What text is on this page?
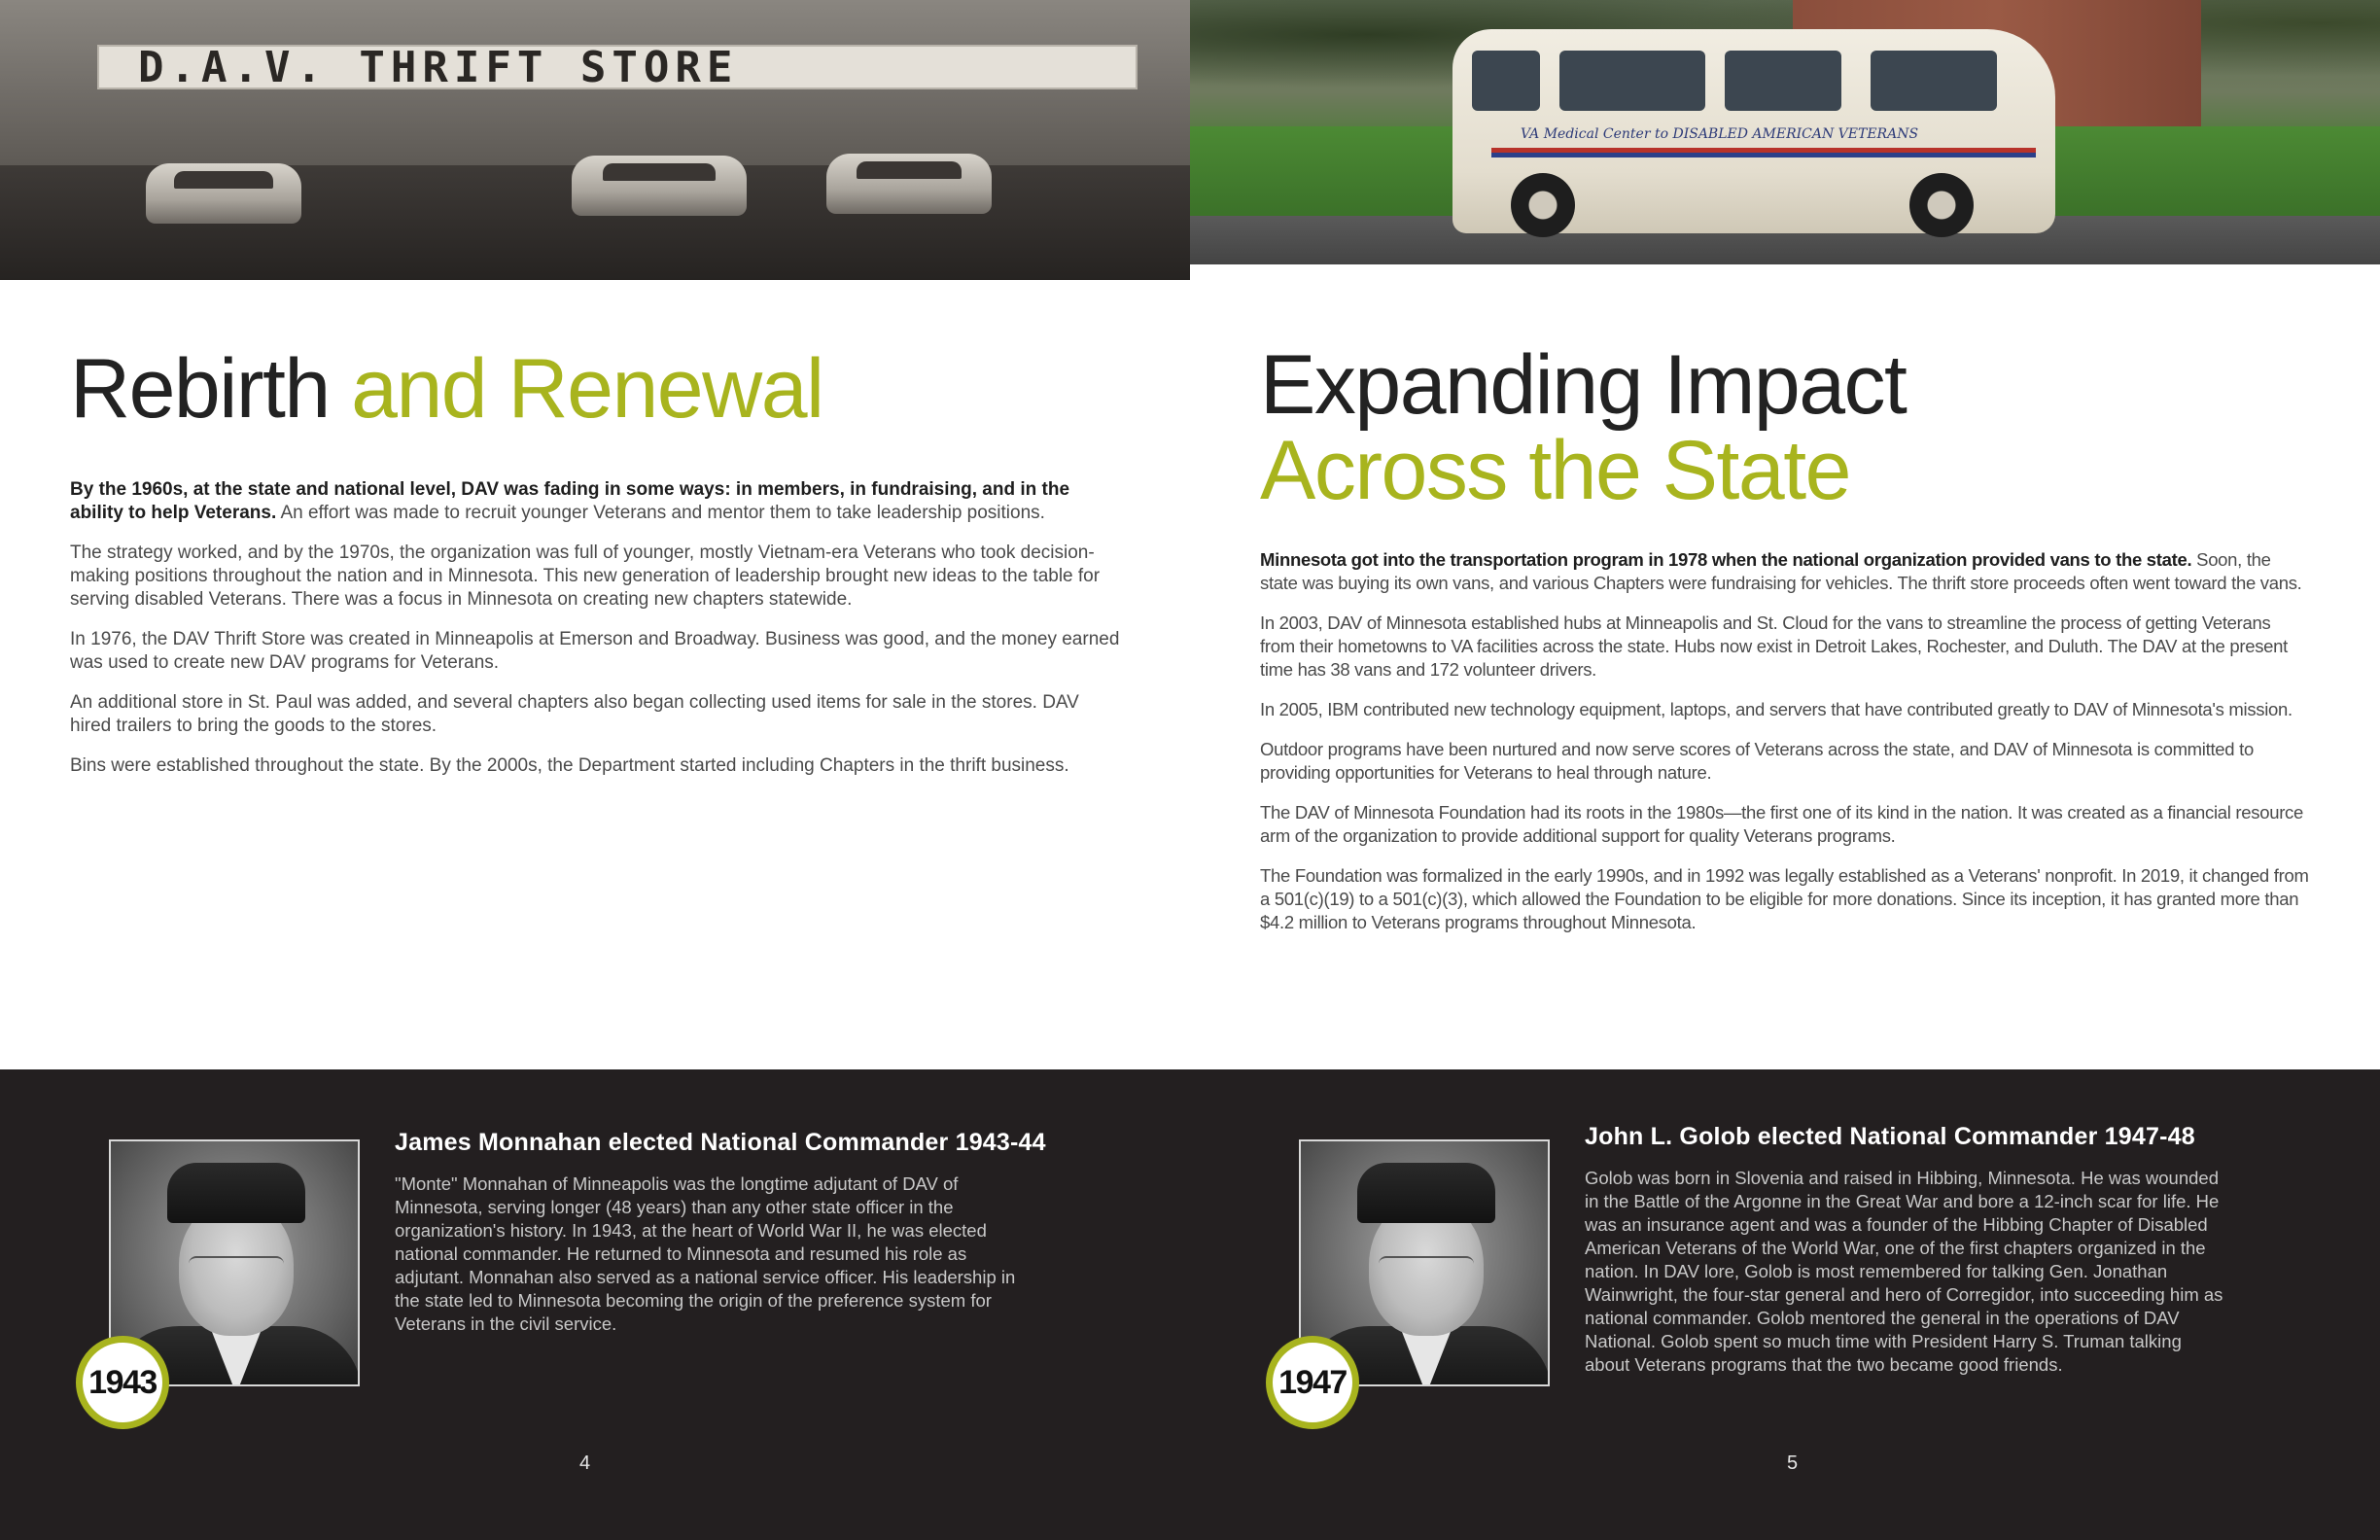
D.A.V. THRIFT STORE
VA Medical Center to DISABLED AMERICAN VETERANS
Rebirth and Renewal

By the 1960s, at the state and national level, DAV was fading in some ways: in members, in fundraising, and in the ability to help Veterans. An effort was made to recruit younger Veterans and mentor them to take leadership positions.

The strategy worked, and by the 1970s, the organization was full of younger, mostly Vietnam-era Veterans who took decision-making positions throughout the nation and in Minnesota. This new generation of leadership brought new ideas to the table for serving disabled Veterans. There was a focus in Minnesota on creating new chapters statewide.

In 1976, the DAV Thrift Store was created in Minneapolis at Emerson and Broadway. Business was good, and the money earned was used to create new DAV programs for Veterans.

An additional store in St. Paul was added, and several chapters also began collecting used items for sale in the stores. DAV hired trailers to bring the goods to the stores.

Bins were established throughout the state. By the 2000s, the Department started including Chapters in the thrift business.

Expanding Impact
Across the State

Minnesota got into the transportation program in 1978 when the national organization provided vans to the state. Soon, the state was buying its own vans, and various Chapters were fundraising for vehicles. The thrift store proceeds often went toward the vans.

In 2003, DAV of Minnesota established hubs at Minneapolis and St. Cloud for the vans to streamline the process of getting Veterans from their hometowns to VA facilities across the state. Hubs now exist in Detroit Lakes, Rochester, and Duluth. The DAV at the present time has 38 vans and 172 volunteer drivers.

In 2005, IBM contributed new technology equipment, laptops, and servers that have contributed greatly to DAV of Minnesota's mission.

Outdoor programs have been nurtured and now serve scores of Veterans across the state, and DAV of Minnesota is committed to providing opportunities for Veterans to heal through nature.

The DAV of Minnesota Foundation had its roots in the 1980s—the first one of its kind in the nation. It was created as a financial resource arm of the organization to provide additional support for quality Veterans programs.

The Foundation was formalized in the early 1990s, and in 1992 was legally established as a Veterans' nonprofit. In 2019, it changed from a 501(c)(19) to a 501(c)(3), which allowed the Foundation to be eligible for more donations. Since its inception, it has granted more than $4.2 million to Veterans programs throughout Minnesota.

1943
James Monnahan elected National Commander 1943-44
"Monte" Monnahan of Minneapolis was the longtime adjutant of DAV of Minnesota, serving longer (48 years) than any other state officer in the organization's history. In 1943, at the heart of World War II, he was elected national commander. He returned to Minnesota and resumed his role as adjutant. Monnahan also served as a national service officer. His leadership in the state led to Minnesota becoming the origin of the preference system for Veterans in the civil service.
1947
John L. Golob elected National Commander 1947-48
Golob was born in Slovenia and raised in Hibbing, Minnesota. He was wounded in the Battle of the Argonne in the Great War and bore a 12-inch scar for life. He was an insurance agent and was a founder of the Hibbing Chapter of Disabled American Veterans of the World War, one of the first chapters organized in the nation. In DAV lore, Golob is most remembered for talking Gen. Jonathan Wainwright, the four-star general and hero of Corregidor, into succeeding him as national commander. Golob mentored the general in the operations of DAV National. Golob spent so much time with President Harry S. Truman talking about Veterans programs that the two became good friends.
4	5
